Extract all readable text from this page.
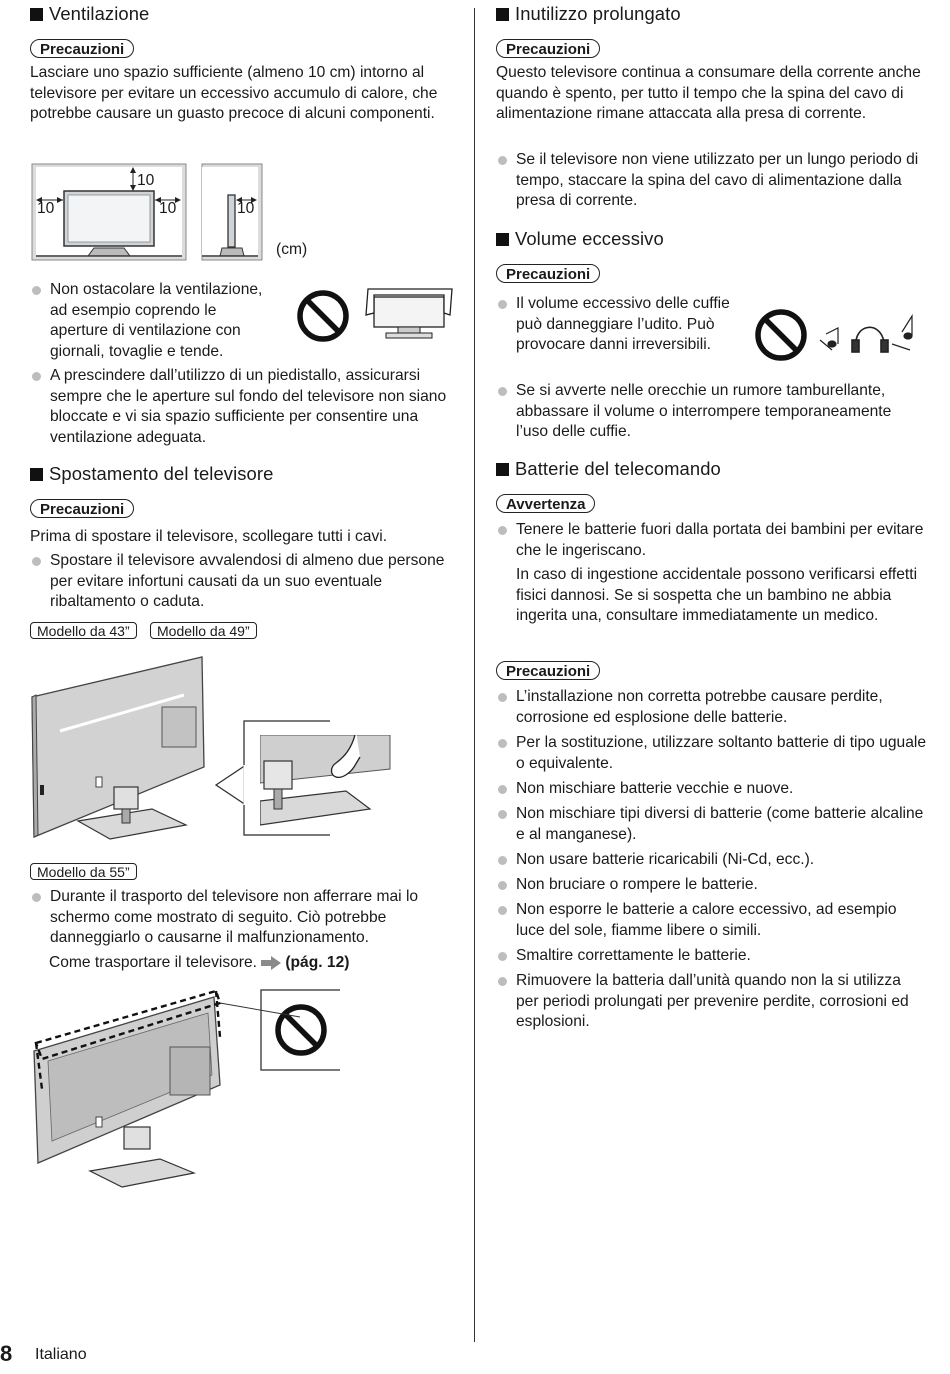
Ventilazione
Precauzioni

Lasciare uno spazio sufficiente (almeno 10 cm) intorno al televisore per evitare un eccessivo accumulo di calore, che potrebbe causare un guasto precoce di alcuni componenti.

10
10	10	10
(cm)

Non ostacolare la ventilazione, ad esempio coprendo le aperture di ventilazione con giornali, tovaglie e tende.

A prescindere dall’utilizzo di un piedistallo, assicurarsi sempre che le aperture sul fondo del televisore non siano bloccate e vi sia spazio sufficiente per consentire una ventilazione adeguata.

Spostamento del televisore
Precauzioni

Prima di spostare il televisore, scollegare tutti i cavi.

Spostare il televisore avvalendosi di almeno due persone per evitare infortuni causati da un suo eventuale ribaltamento o caduta.

Modello da 43”	Modello da 49”
Modello da 55”

Durante il trasporto del televisore non afferrare mai lo schermo come mostrato di seguito. Ciò potrebbe danneggiarlo o causarne il malfunzionamento.

Come trasportare il televisore. (pág. 12)

Inutilizzo prolungato
Precauzioni

Questo televisore continua a consumare della corrente anche quando è spento, per tutto il tempo che la spina del cavo di alimentazione rimane attaccata alla presa di corrente.

Se il televisore non viene utilizzato per un lungo periodo di tempo, staccare la spina del cavo di alimentazione dalla presa di corrente.

Volume eccessivo
Precauzioni

Il volume eccessivo delle cuffie può danneggiare l’udito. Può provocare danni irreversibili.

Se si avverte nelle orecchie un rumore tamburellante, abbassare il volume o interrompere temporaneamente l’uso delle cuffie.

Batterie del telecomando
Avvertenza

Tenere le batterie fuori dalla portata dei bambini per evitare che le ingeriscano.

In caso di ingestione accidentale possono verificarsi effetti fisici dannosi. Se si sospetta che un bambino ne abbia ingerita una, consultare immediatamente un medico.

Precauzioni

L’installazione non corretta potrebbe causare perdite, corrosione ed esplosione delle batterie.

Per la sostituzione, utilizzare soltanto batterie di tipo uguale o equivalente.

Non mischiare batterie vecchie e nuove.

Non mischiare tipi diversi di batterie (come batterie alcaline e al manganese).

Non usare batterie ricaricabili (Ni-Cd, ecc.).

Non bruciare o rompere le batterie.

Non esporre le batterie a calore eccessivo, ad esempio luce del sole, fiamme libere o simili.

Smaltire correttamente le batterie.

Rimuovere la batteria dall’unità quando non la si utilizza per periodi prolungati per prevenire perdite, corrosioni ed esplosioni.

8 Italiano
